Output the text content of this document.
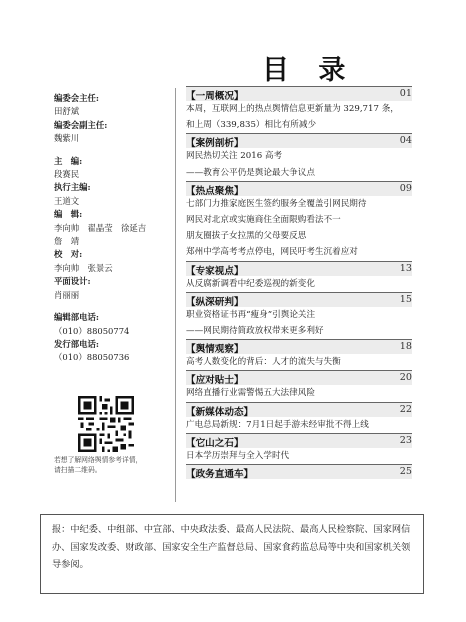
目 录
编委会主任:
田舒斌
编委会副主任:
魏紫川
主　编:
段赛民
执行主编:
王道文
编　辑:
李向帅　翟晶莹　徐延吉
詹　靖
校　对:
李向帅　张景云
平面设计:
肖丽丽
编辑部电话:
（010）88050774
发行部电话:
（010）88050736
若想了解网络舆情参考详情，
请扫描二维码。
【一周概况】	01
本周，互联网上的热点舆情信息更新量为 329,717 条，
和上周（339,835）相比有所减少
【案例剖析】	04
网民热切关注 2016 高考
——教育公平仍是舆论最大争议点
【热点聚焦】	09
七部门力推家庭医生签约服务全覆盖引网民期待
网民对北京或实施商住全面限购看法不一
朋友圈拔子女拉黑的父母要反思
郑州中学高考考点停电，网民吁考生沉着应对
【专家视点】	13
从反腐新调看中纪委巡视的新变化
【纵深研判】	15
职业资格证书再“瘦身”引舆论关注
——网民期待简政放权带来更多利好
【舆情观察】	18
高考人数变化的背后：人才的流失与失衡
【应对贴士】	20
网络直播行业需警惕五大法律风险
【新媒体动态】	22
广电总局新规：7月1日起手游未经审批不得上线
【它山之石】	23
日本学历崇拜与全入学时代
【政务直通车】	25
报：中纪委、中组部、中宣部、中央政法委、最高人民法院、最高人民检察院、国家网信办、国家发改委、财政部、国家安全生产监督总局、国家食药监总局等中央和国家机关领导参阅。
